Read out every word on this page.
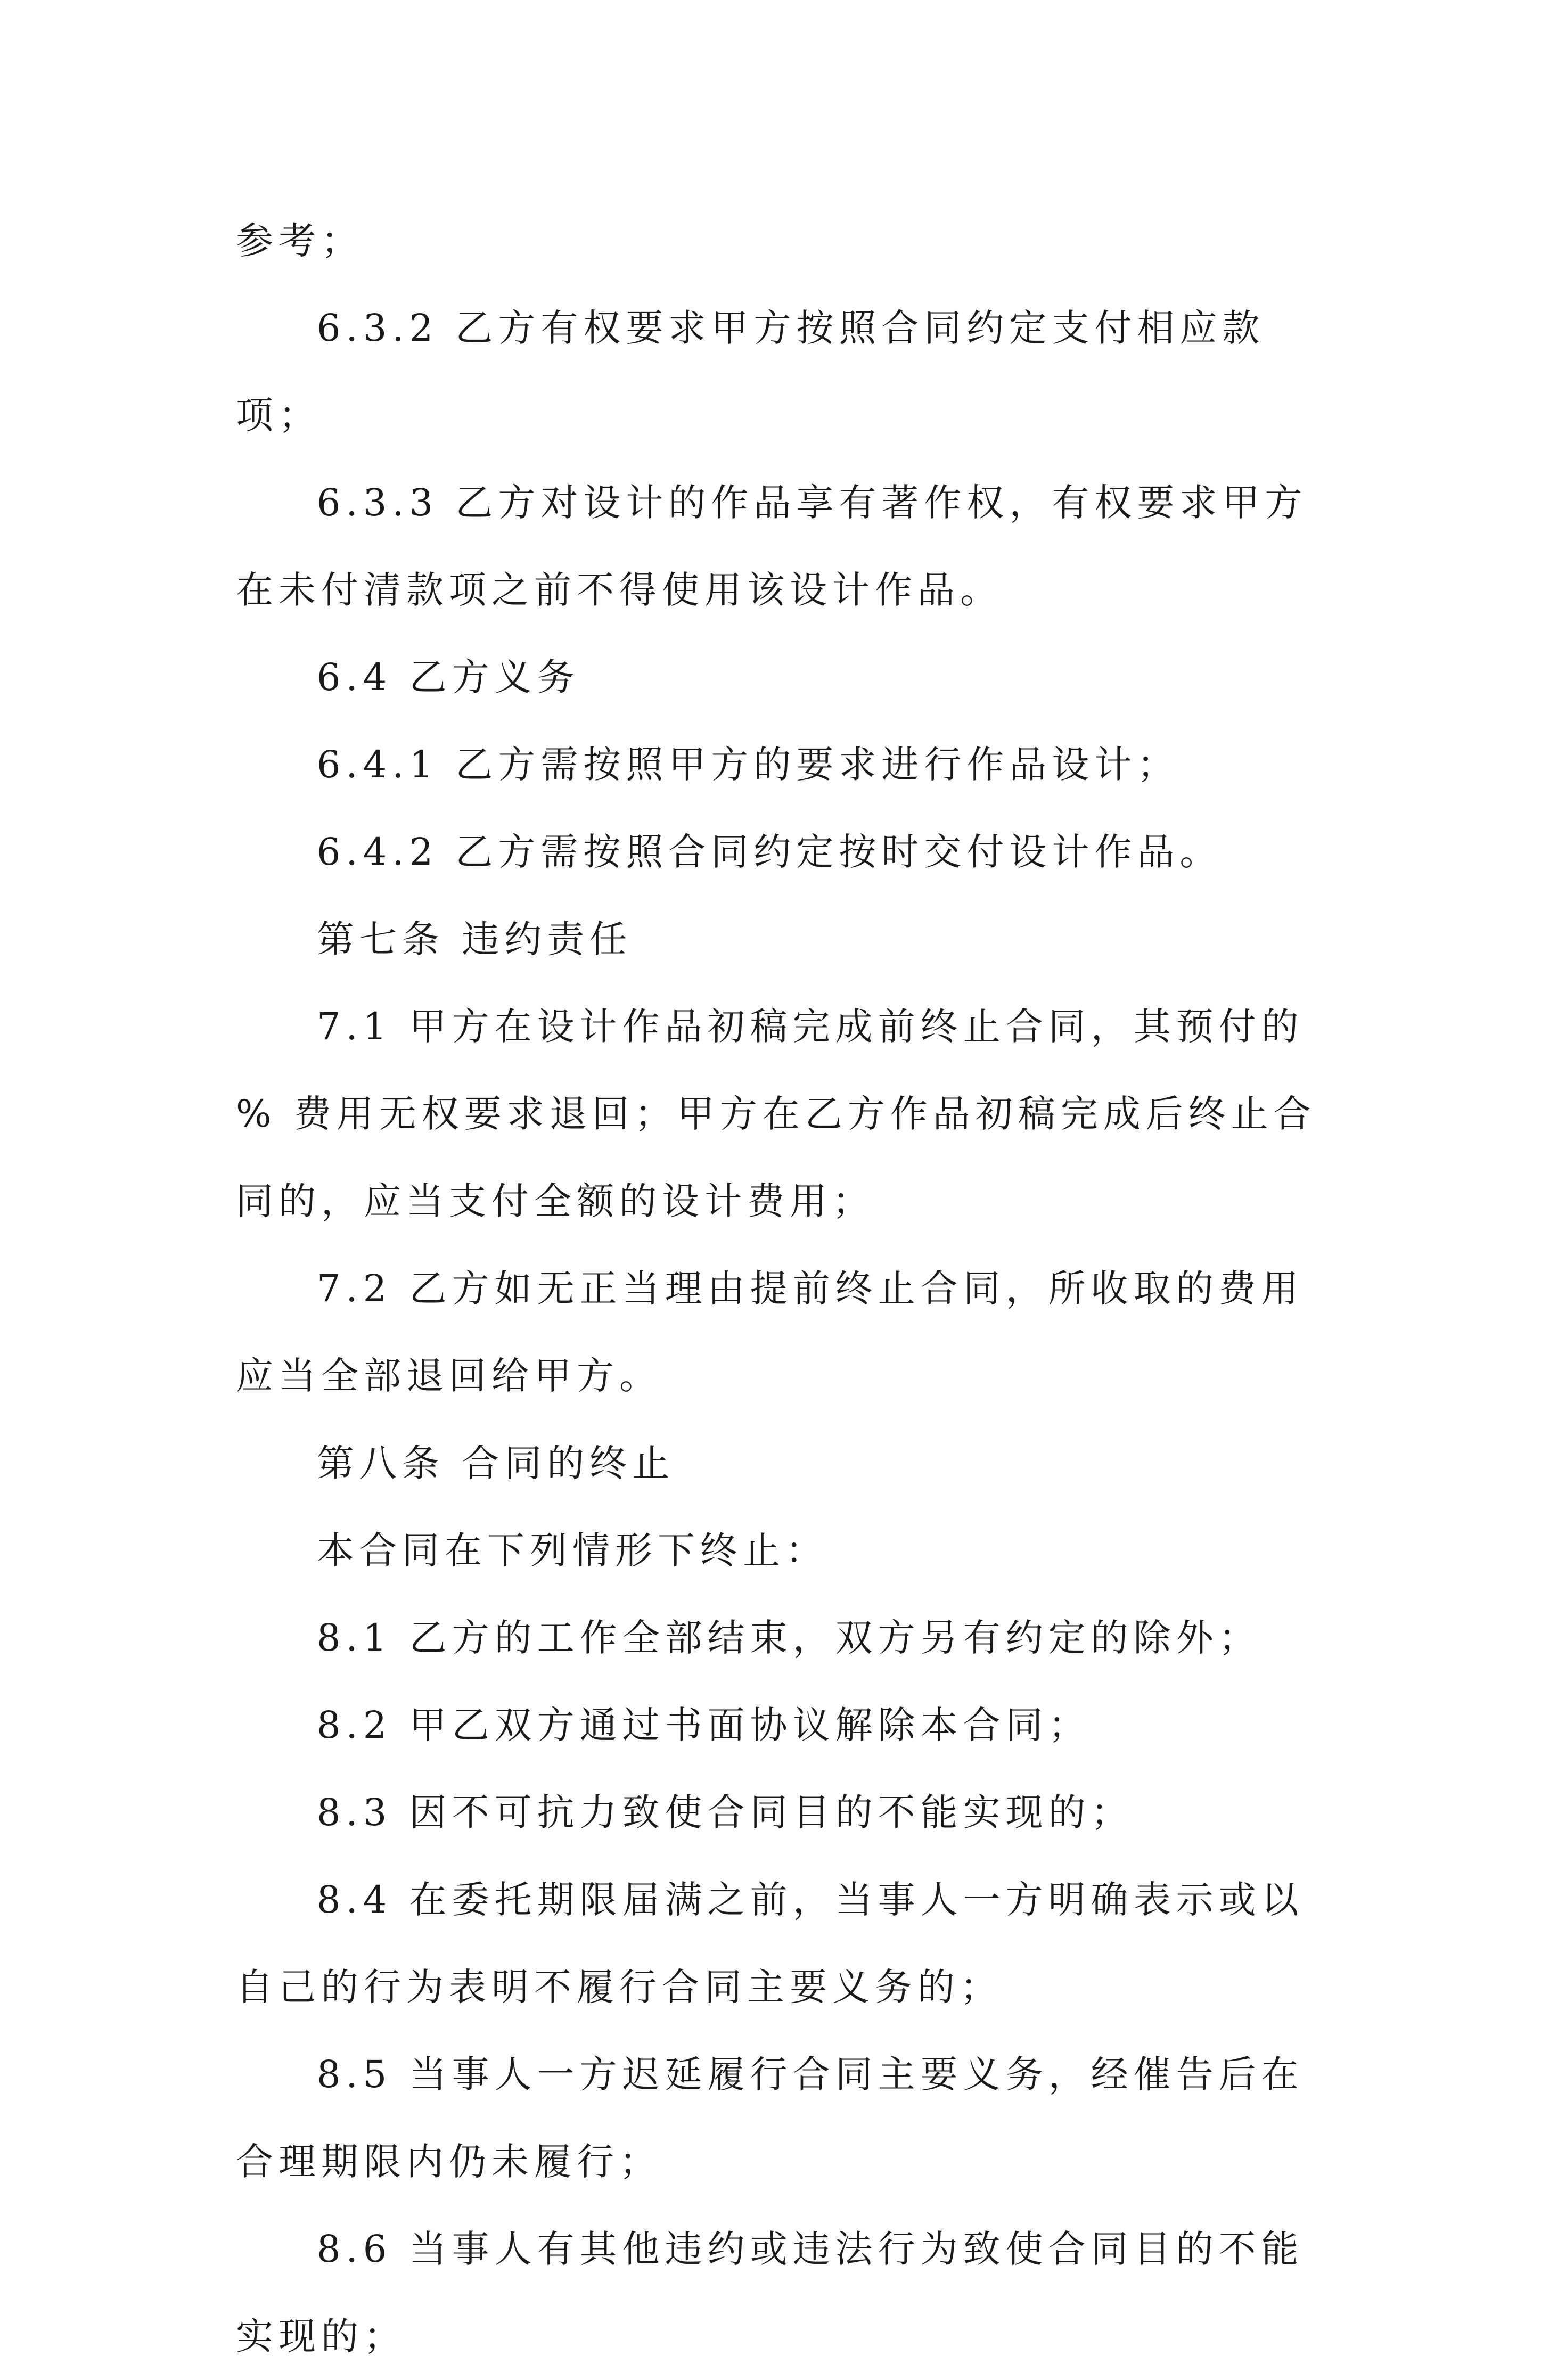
参考；

6.3.2 乙方有权要求甲方按照合同约定支付相应款项；

6.3.3 乙方对设计的作品享有著作权，有权要求甲方在未付清款项之前不得使用该设计作品。

6.4 乙方义务

6.4.1 乙方需按照甲方的要求进行作品设计；

6.4.2 乙方需按照合同约定按时交付设计作品。

第七条 违约责任

7.1 甲方在设计作品初稿完成前终止合同，其预付的 % 费用无权要求退回；甲方在乙方作品初稿完成后终止合同的，应当支付全额的设计费用；

7.2 乙方如无正当理由提前终止合同，所收取的费用应当全部退回给甲方。

第八条 合同的终止

本合同在下列情形下终止：

8.1 乙方的工作全部结束，双方另有约定的除外；

8.2 甲乙双方通过书面协议解除本合同；

8.3 因不可抗力致使合同目的不能实现的；

8.4 在委托期限届满之前，当事人一方明确表示或以自己的行为表明不履行合同主要义务的；

8.5 当事人一方迟延履行合同主要义务，经催告后在合理期限内仍未履行；

8.6 当事人有其他违约或违法行为致使合同目的不能实现的；
